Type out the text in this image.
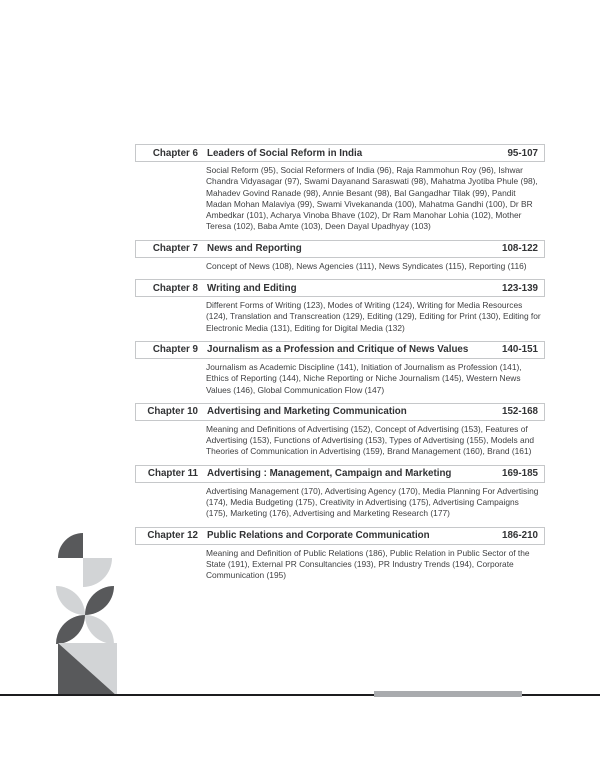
Chapter 6 Leaders of Social Reform in India	95-107

Social Reform (95), Social Reformers of India (96), Raja Rammohun Roy (96), Ishwar Chandra Vidyasagar (97), Swami Dayanand Saraswati (98), Mahatma Jyotiba Phule (98), Mahadev Govind Ranade (98), Annie Besant (98), Bal Gangadhar Tilak (99), Pandit Madan Mohan Malaviya (99), Swami Vivekananda (100), Mahatma Gandhi (100), Dr BR Ambedkar (101), Acharya Vinoba Bhave (102), Dr Ram Manohar Lohia (102), Mother Teresa (102), Baba Amte (103), Deen Dayal Upadhyay (103)

Chapter 7 News and Reporting	108-122

Concept of News (108), News Agencies (111), News Syndicates (115), Reporting (116)

Chapter 8 Writing and Editing	123-139

Different Forms of Writing (123), Modes of Writing (124), Writing for Media Resources (124), Translation and Transcreation (129), Editing (129), Editing for Print (130), Editing for Electronic Media (131), Editing for Digital Media (132)

Chapter 9 Journalism as a Profession and Critique of News Values	140-151

Journalism as Academic Discipline (141), Initiation of Journalism as Profession (141), Ethics of Reporting (144), Niche Reporting or Niche Journalism (145), Western News Values (146), Global Communication Flow (147)

Chapter 10 Advertising and Marketing Communication	152-168

Meaning and Definitions of Advertising (152), Concept of Advertising (153), Features of Advertising (153), Functions of Advertising (153), Types of Advertising (155), Models and Theories of Communication in Advertising (159), Brand Management (160), Brand (161)

Chapter 11 Advertising : Management, Campaign and Marketing	169-185

Advertising Management (170), Advertising Agency (170), Media Planning For Advertising (174), Media Budgeting (175), Creativity in Advertising (175), Advertising Campaigns (175), Marketing (176), Advertising and Marketing Research (177)

Chapter 12 Public Relations and Corporate Communication	186-210

Meaning and Definition of Public Relations (186), Public Relation in Public Sector of the State (191), External PR Consultancies (193), PR Industry Trends (194), Corporate Communication (195)
